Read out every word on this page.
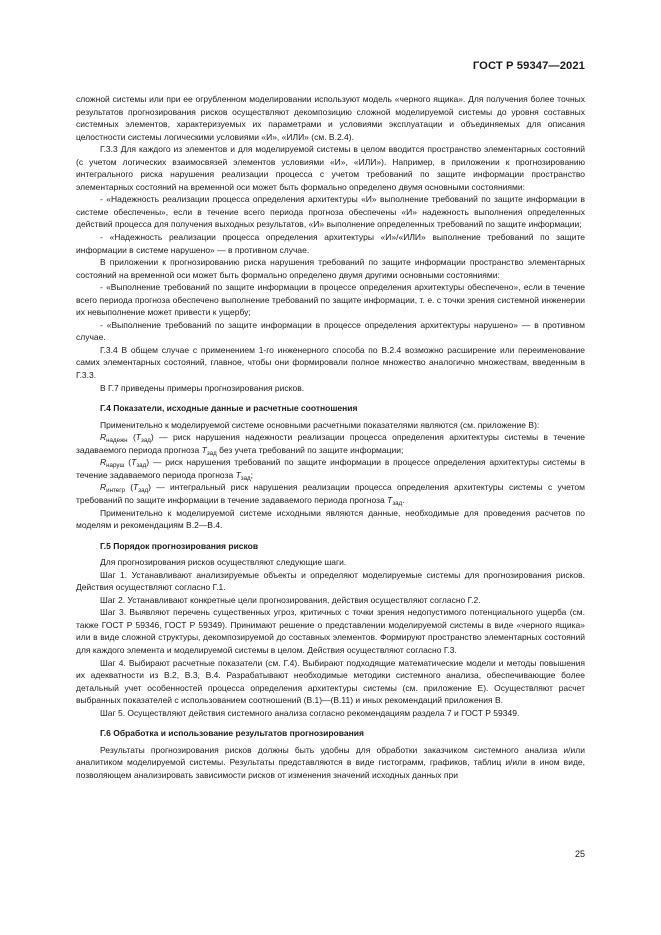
ГОСТ Р 59347—2021

сложной системы или при ее огрубленном моделировании используют модель «черного ящика». Для получения более точных результатов прогнозирования рисков осуществляют декомпозицию сложной моделируемой системы до уровня составных системных элементов, характеризуемых их параметрами и условиями эксплуатации и объединяемых для описания целостности системы логическими условиями «И», «ИЛИ» (см. В.2.4).

Г.3.3 Для каждого из элементов и для моделируемой системы в целом вводится пространство элементарных состояний (с учетом логических взаимосвязей элементов условиями «И», «ИЛИ»). Например, в приложении к прогнозированию интегрального риска нарушения реализации процесса с учетом требований по защите информации пространство элементарных состояний на временной оси может быть формально определено двумя основными состояниями:

- «Надежность реализации процесса определения архитектуры «И» выполнение требований по защите информации в системе обеспечены», если в течение всего периода прогноза обеспечены «И» надежность выполнения определенных действий процесса для получения выходных результатов, «И» выполнение определенных требований по защите информации;

- «Надежность реализации процесса определения архитектуры «И»/«ИЛИ» выполнение требований по защите информации в системе нарушено» — в противном случае.

В приложении к прогнозированию риска нарушения требований по защите информации пространство элементарных состояний на временной оси может быть формально определено двумя другими основными состояниями:

- «Выполнение требований по защите информации в процессе определения архитектуры обеспечено», если в течение всего периода прогноза обеспечено выполнение требований по защите информации, т. е. с точки зрения системной инженерии их невыполнение может привести к ущербу;

- «Выполнение требований по защите информации в процессе определения архитектуры нарушено» — в противном случае.

Г.3.4 В общем случае с применением 1-го инженерного способа по В.2.4 возможно расширение или переименование самих элементарных состояний, главное, чтобы они формировали полное множество аналогично множествам, введенным в Г.3.3.

В Г.7 приведены примеры прогнозирования рисков.

Г.4 Показатели, исходные данные и расчетные соотношения

Применительно к моделируемой системе основными расчетными показателями являются (см. приложение В):

$R_{надежн}$ $(T_{зад})$ — риск нарушения надежности реализации процесса определения архитектуры системы в течение задаваемого периода прогноза $T_{зад}$ без учета требований по защите информации;

$R_{наруш}$ $(T_{зад})$ — риск нарушения требований по защите информации в процессе определения архитектуры системы в течение задаваемого периода прогноза $T_{зад}$;

$R_{интегр}$ $(T_{зад})$ — интегральный риск нарушения реализации процесса определения архитектуры системы с учетом требований по защите информации в течение задаваемого периода прогноза $T_{зад}$.

Применительно к моделируемой системе исходными являются данные, необходимые для проведения расчетов по моделям и рекомендациям В.2—В.4.

Г.5 Порядок прогнозирования рисков

Для прогнозирования рисков осуществляют следующие шаги.

Шаг 1. Устанавливают анализируемые объекты и определяют моделируемые системы для прогнозирования рисков. Действия осуществляют согласно Г.1.

Шаг 2. Устанавливают конкретные цели прогнозирования, действия осуществляют согласно Г.2.

Шаг 3. Выявляют перечень существенных угроз, критичных с точки зрения недопустимого потенциального ущерба (см. также ГОСТ Р 59346, ГОСТ Р 59349). Принимают решение о представлении моделируемой системы в виде «черного ящика» или в виде сложной структуры, декомпозируемой до составных элементов. Формируют пространство элементарных состояний для каждого элемента и моделируемой системы в целом. Действия осуществляют согласно Г.3.

Шаг 4. Выбирают расчетные показатели (см. Г.4). Выбирают подходящие математические модели и методы повышения их адекватности из В.2, В.3, В.4. Разрабатывают необходимые методики системного анализа, обеспечивающие более детальный учет особенностей процесса определения архитектуры системы (см. приложение Е). Осуществляют расчет выбранных показателей с использованием соотношений (В.1)—(В.11) и иных рекомендаций приложения В.

Шаг 5. Осуществляют действия системного анализа согласно рекомендациям раздела 7 и ГОСТ Р 59349.

Г.6 Обработка и использование результатов прогнозирования

Результаты прогнозирования рисков должны быть удобны для обработки заказчиком системного анализа и/или аналитиком моделируемой системы. Результаты представляются в виде гистограмм, графиков, таблиц и/или в ином виде, позволяющем анализировать зависимости рисков от изменения значений исходных данных при

25
